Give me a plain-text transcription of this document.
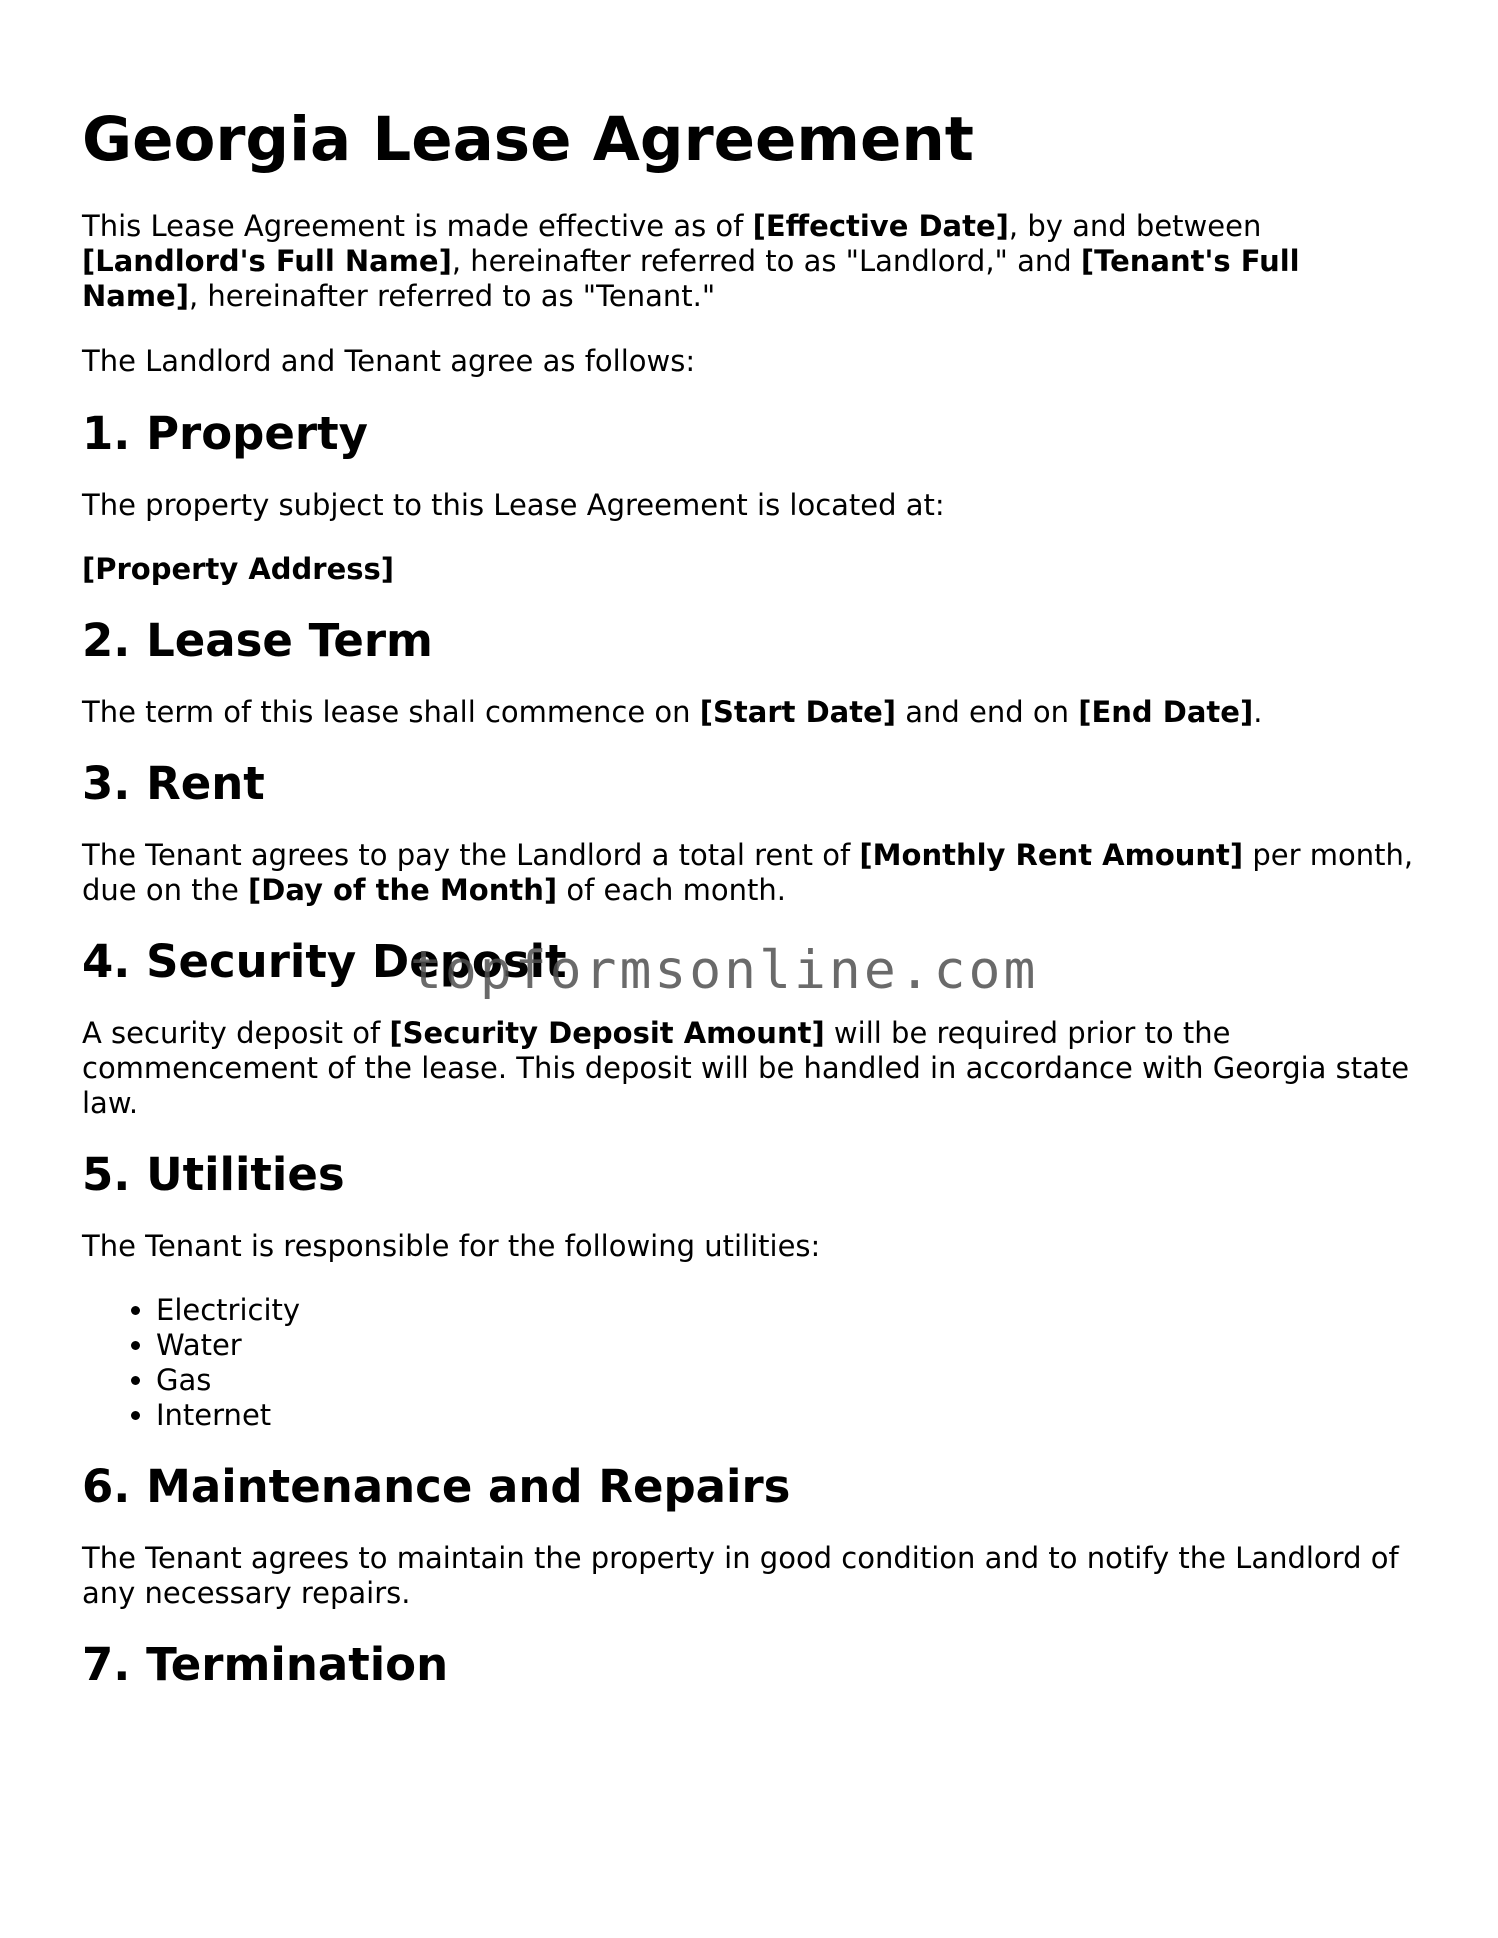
Georgia Lease Agreement

This Lease Agreement is made effective as of [Effective Date], by and between [Landlord's Full Name], hereinafter referred to as "Landlord," and [Tenant's Full Name], hereinafter referred to as "Tenant."

The Landlord and Tenant agree as follows:

1. Property

The property subject to this Lease Agreement is located at:

[Property Address]

2. Lease Term

The term of this lease shall commence on [Start Date] and end on [End Date].

3. Rent

The Tenant agrees to pay the Landlord a total rent of [Monthly Rent Amount] per month, due on the [Day of the Month] of each month.

4. Security Deposit

A security deposit of [Security Deposit Amount] will be required prior to the commencement of the lease. This deposit will be handled in accordance with Georgia state law.

5. Utilities

The Tenant is responsible for the following utilities:

• Electricity
• Water
• Gas
• Internet
6. Maintenance and Repairs

The Tenant agrees to maintain the property in good condition and to notify the Landlord of any necessary repairs.

7. Termination
topformsonline.com
